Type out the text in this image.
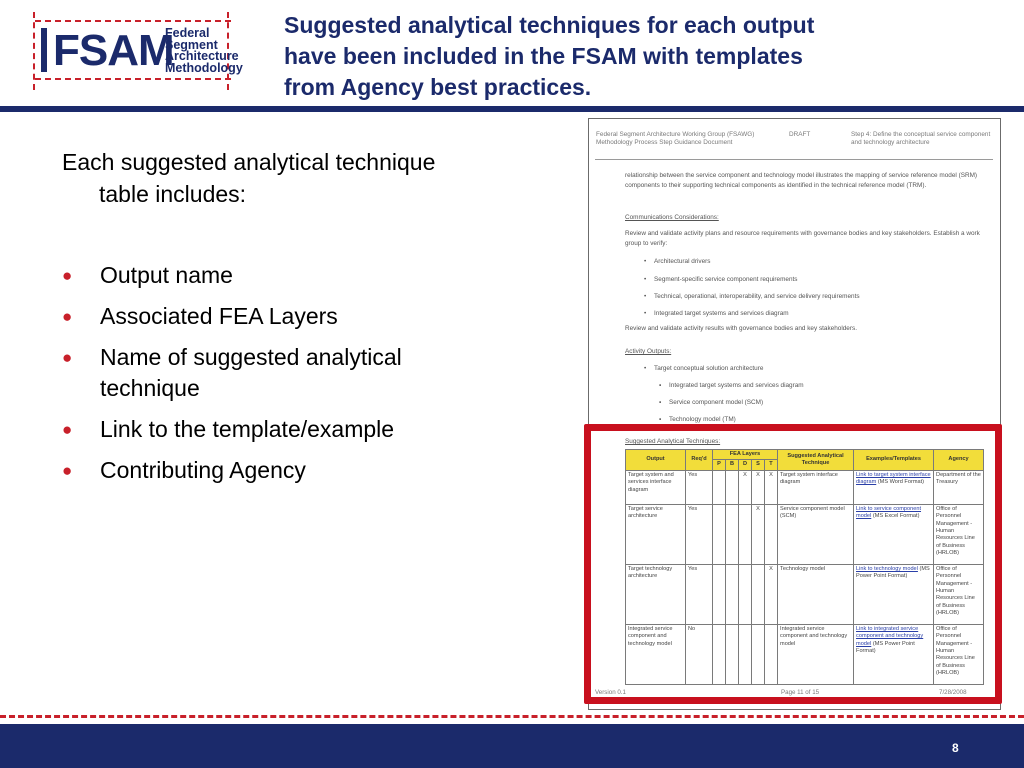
FSAM
Federal
Segment
Architecture
Methodology
Suggested analytical techniques for each output
have been included in the FSAM with templates
from Agency best practices.
Each suggested analytical technique
table includes:
● Output name
● Associated FEA Layers
● Name of suggested analytical
technique
● Link to the template/example
● Contributing Agency
Federal Segment Architecture Working Group (FSAWG) Methodology Process Step Guidance Document
DRAFT	Step 4: Define the conceptual service component and technology architecture
relationship between the service component and technology model illustrates the mapping of service reference model (SRM) components to their supporting technical components as identified in the technical reference model (TRM).
Communications Considerations:
Review and validate activity plans and resource requirements with governance bodies and key stakeholders. Establish a work group to verify:
• Architectural drivers
• Segment-specific service component requirements
• Technical, operational, interoperability, and service delivery requirements
• Integrated target systems and services diagram
Review and validate activity results with governance bodies and key stakeholders.
Activity Outputs:
• Target conceptual solution architecture
▪ Integrated target systems and services diagram
▪ Service component model (SCM)
▪ Technology model (TM)
Suggested Analytical Techniques:
Version 0.1	Page 11 of 15	7/28/2008
Output	Req'd	FEA Layers					Suggested Analytical Technique	Examples/Templates	Agency
		P	B	D	S	T			
Target system and services interface diagram	Yes			X	X	X	Target system interface diagram	Link to target system interface diagram (MS Word Format)	Department of the Treasury
Target service architecture	Yes				X		Service component model (SCM)	Link to service component model (MS Excel Format)	Office of Personnel Management - Human Resources Line of Business (HRLOB)
Target technology architecture	Yes					X	Technology model	Link to technology model (MS Power Point Format)	Office of Personnel Management - Human Resources Line of Business (HRLOB)
Integrated service component and technology model	No						Integrated service component and technology model	Link to integrated service component and technology model (MS Power Point Format)	Office of Personnel Management - Human Resources Line of Business (HRLOB)
8
